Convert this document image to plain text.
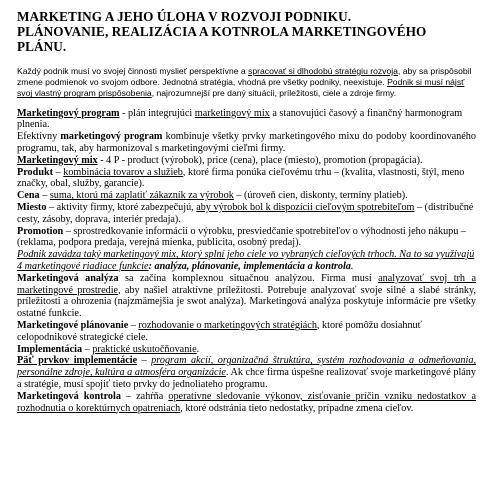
MARKETING A JEHO ÚLOHA V ROZVOJI PODNIKU.
PLÁNOVANIE, REALIZÁCIA A KOTNROLA MARKETINGOVÉHO
PLÁNU.

Každý podnik musí vo svojej činnosti myslieť perspektívne a spracovať si dlhodobú stratégiu rozvoja, aby sa prispôsobil zmene podmienok vo svojom odbore. Jednotná stratégia, vhodná pre všetky podniky, neexistuje. Podnik si musí nájsť svoj vlastný program prispôsobenia, najrozumnejší pre daný situácii, príležitosti, ciele a zdroje firmy.

Marketingový program - plán integrujúci marketingový mix a stanovujúci časový a finančný harmonogram plnenia.

Efektívny marketingový program kombinuje všetky prvky marketingového mixu do podoby koordinovaného programu, tak, aby harmonizoval s marketingovými cieľmi firmy.

Marketingový mix - 4 P - product (výrobok), price (cena), place (miesto), promotion (propagácia).

Produkt – kombinácia tovarov a služieb, ktoré firma ponúka cieľovému trhu – (kvalita, vlastnosti, štýl, meno značky, obal, služby, garancie).

Cena – suma, ktorú má zaplatiť zákazník za výrobok – (úroveň cien, diskonty, termíny platieb).

Miesto – aktivity firmy, ktoré zabezpečujú, aby výrobok bol k dispozícii cieľovým spotrebiteľom – (distribučné cesty, zásoby, doprava, interiér predaja).

Promotion – sprostredkovanie informácií o výrobku, presviedčanie spotrebiteľov o výhodnosti jeho nákupu – (reklama, podpora predaja, verejná mienka, publicita, osobný predaj).

Podnik zavádza taký marketingový mix, ktorý splní jeho ciele vo vybraných cieľových trhoch. Na to sa využívajú 4 marketingové riadiace funkcie: analýza, plánovanie, implementácia a kontrola.

Marketingová analýza sa začína komplexnou situačnou analýzou. Firma musí analyzovať svoj trh a marketingové prostredie, aby našiel atraktívne príležitosti. Potrebuje analyzovať svoje silné a slabé stránky, príležitosti a ohrozenia (najzmämejšia je swot analýza). Marketingová analýza poskytuje informácie pre všetky ostatné funkcie.

Marketingové plánovanie – rozhodovanie o marketingových stratégiách, ktoré pomôžu dosiahnuť celopodnikové strategické ciele.

Implementácia – praktické uskutočňovanie.

Päť prvkov implementácie – program akcií, organizačná štruktúra, systém rozhodovania a odmeňovania, personálne zdroje, kultúra a atmosféra organizácie. Ak chce firma úspešne realizovať svoje marketingové plány a stratégie, musí spojiť tieto prvky do jednoliateho programu.

Marketingová kontrola – zahŕňa operatívne sledovanie výkonov, zisťovanie príčin vzniku nedostatkov a rozhodnutia o korektúrnych opatreniach, ktoré odstránia tieto nedostatky, prípadne zmena cieľov.
